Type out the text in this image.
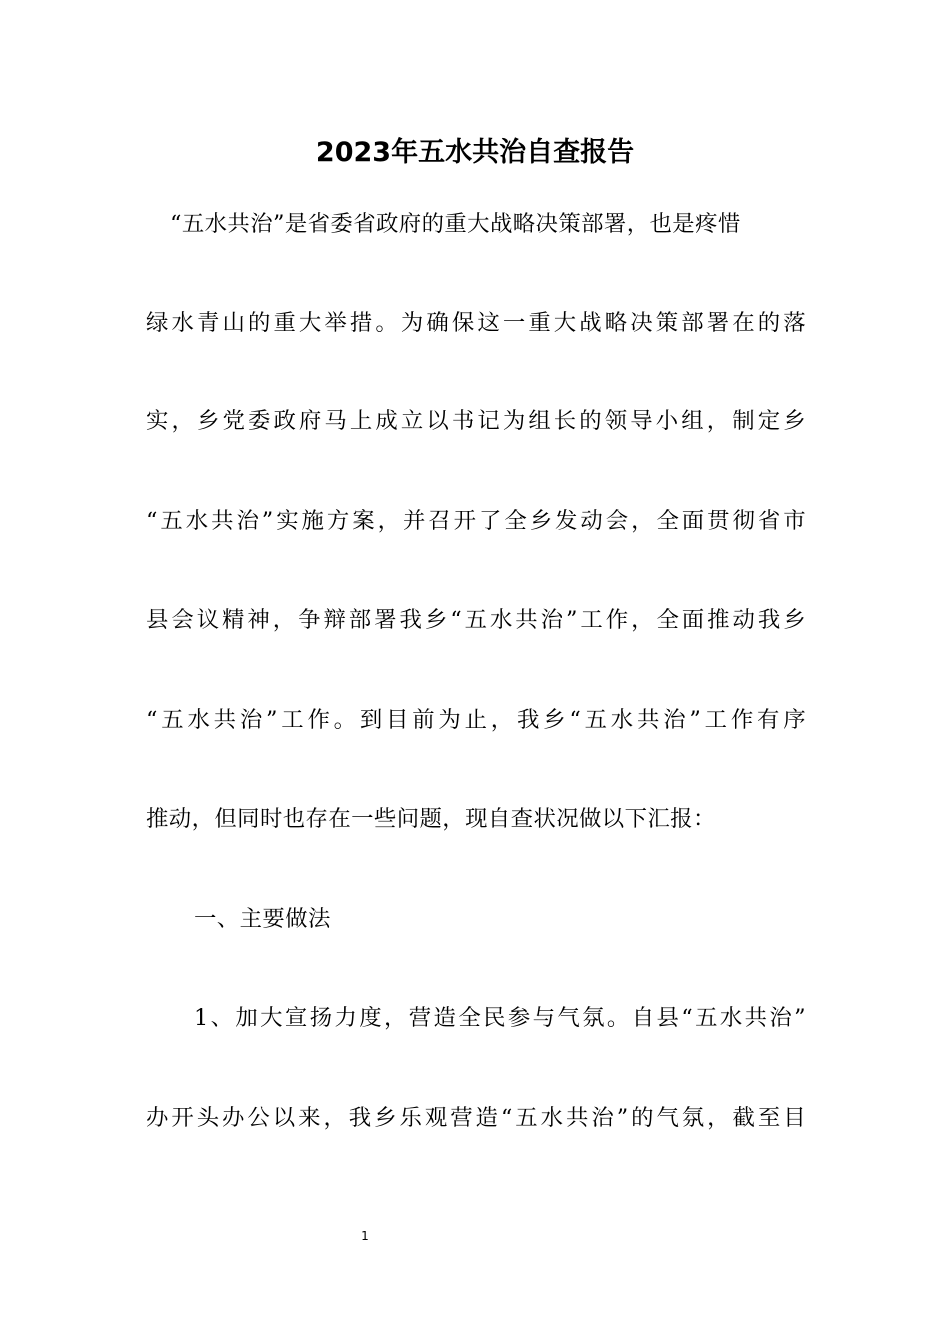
2023年五水共治自查报告

“五水共治”是省委省政府的重大战略决策部署，也是疼惜

绿水青山的重大举措。为确保这一重大战略决策部署在的落

实，乡党委政府马上成立以书记为组长的领导小组，制定乡

“五水共治”实施方案，并召开了全乡发动会，全面贯彻省市

县会议精神，争辩部署我乡“五水共治”工作，全面推动我乡

“五水共治”工作。到目前为止，我乡“五水共治”工作有序

推动，但同时也存在一些问题，现自查状况做以下汇报：

一、主要做法

1、加大宣扬力度，营造全民参与气氛。自县“五水共治”

办开头办公以来，我乡乐观营造“五水共治”的气氛，截至目

1
